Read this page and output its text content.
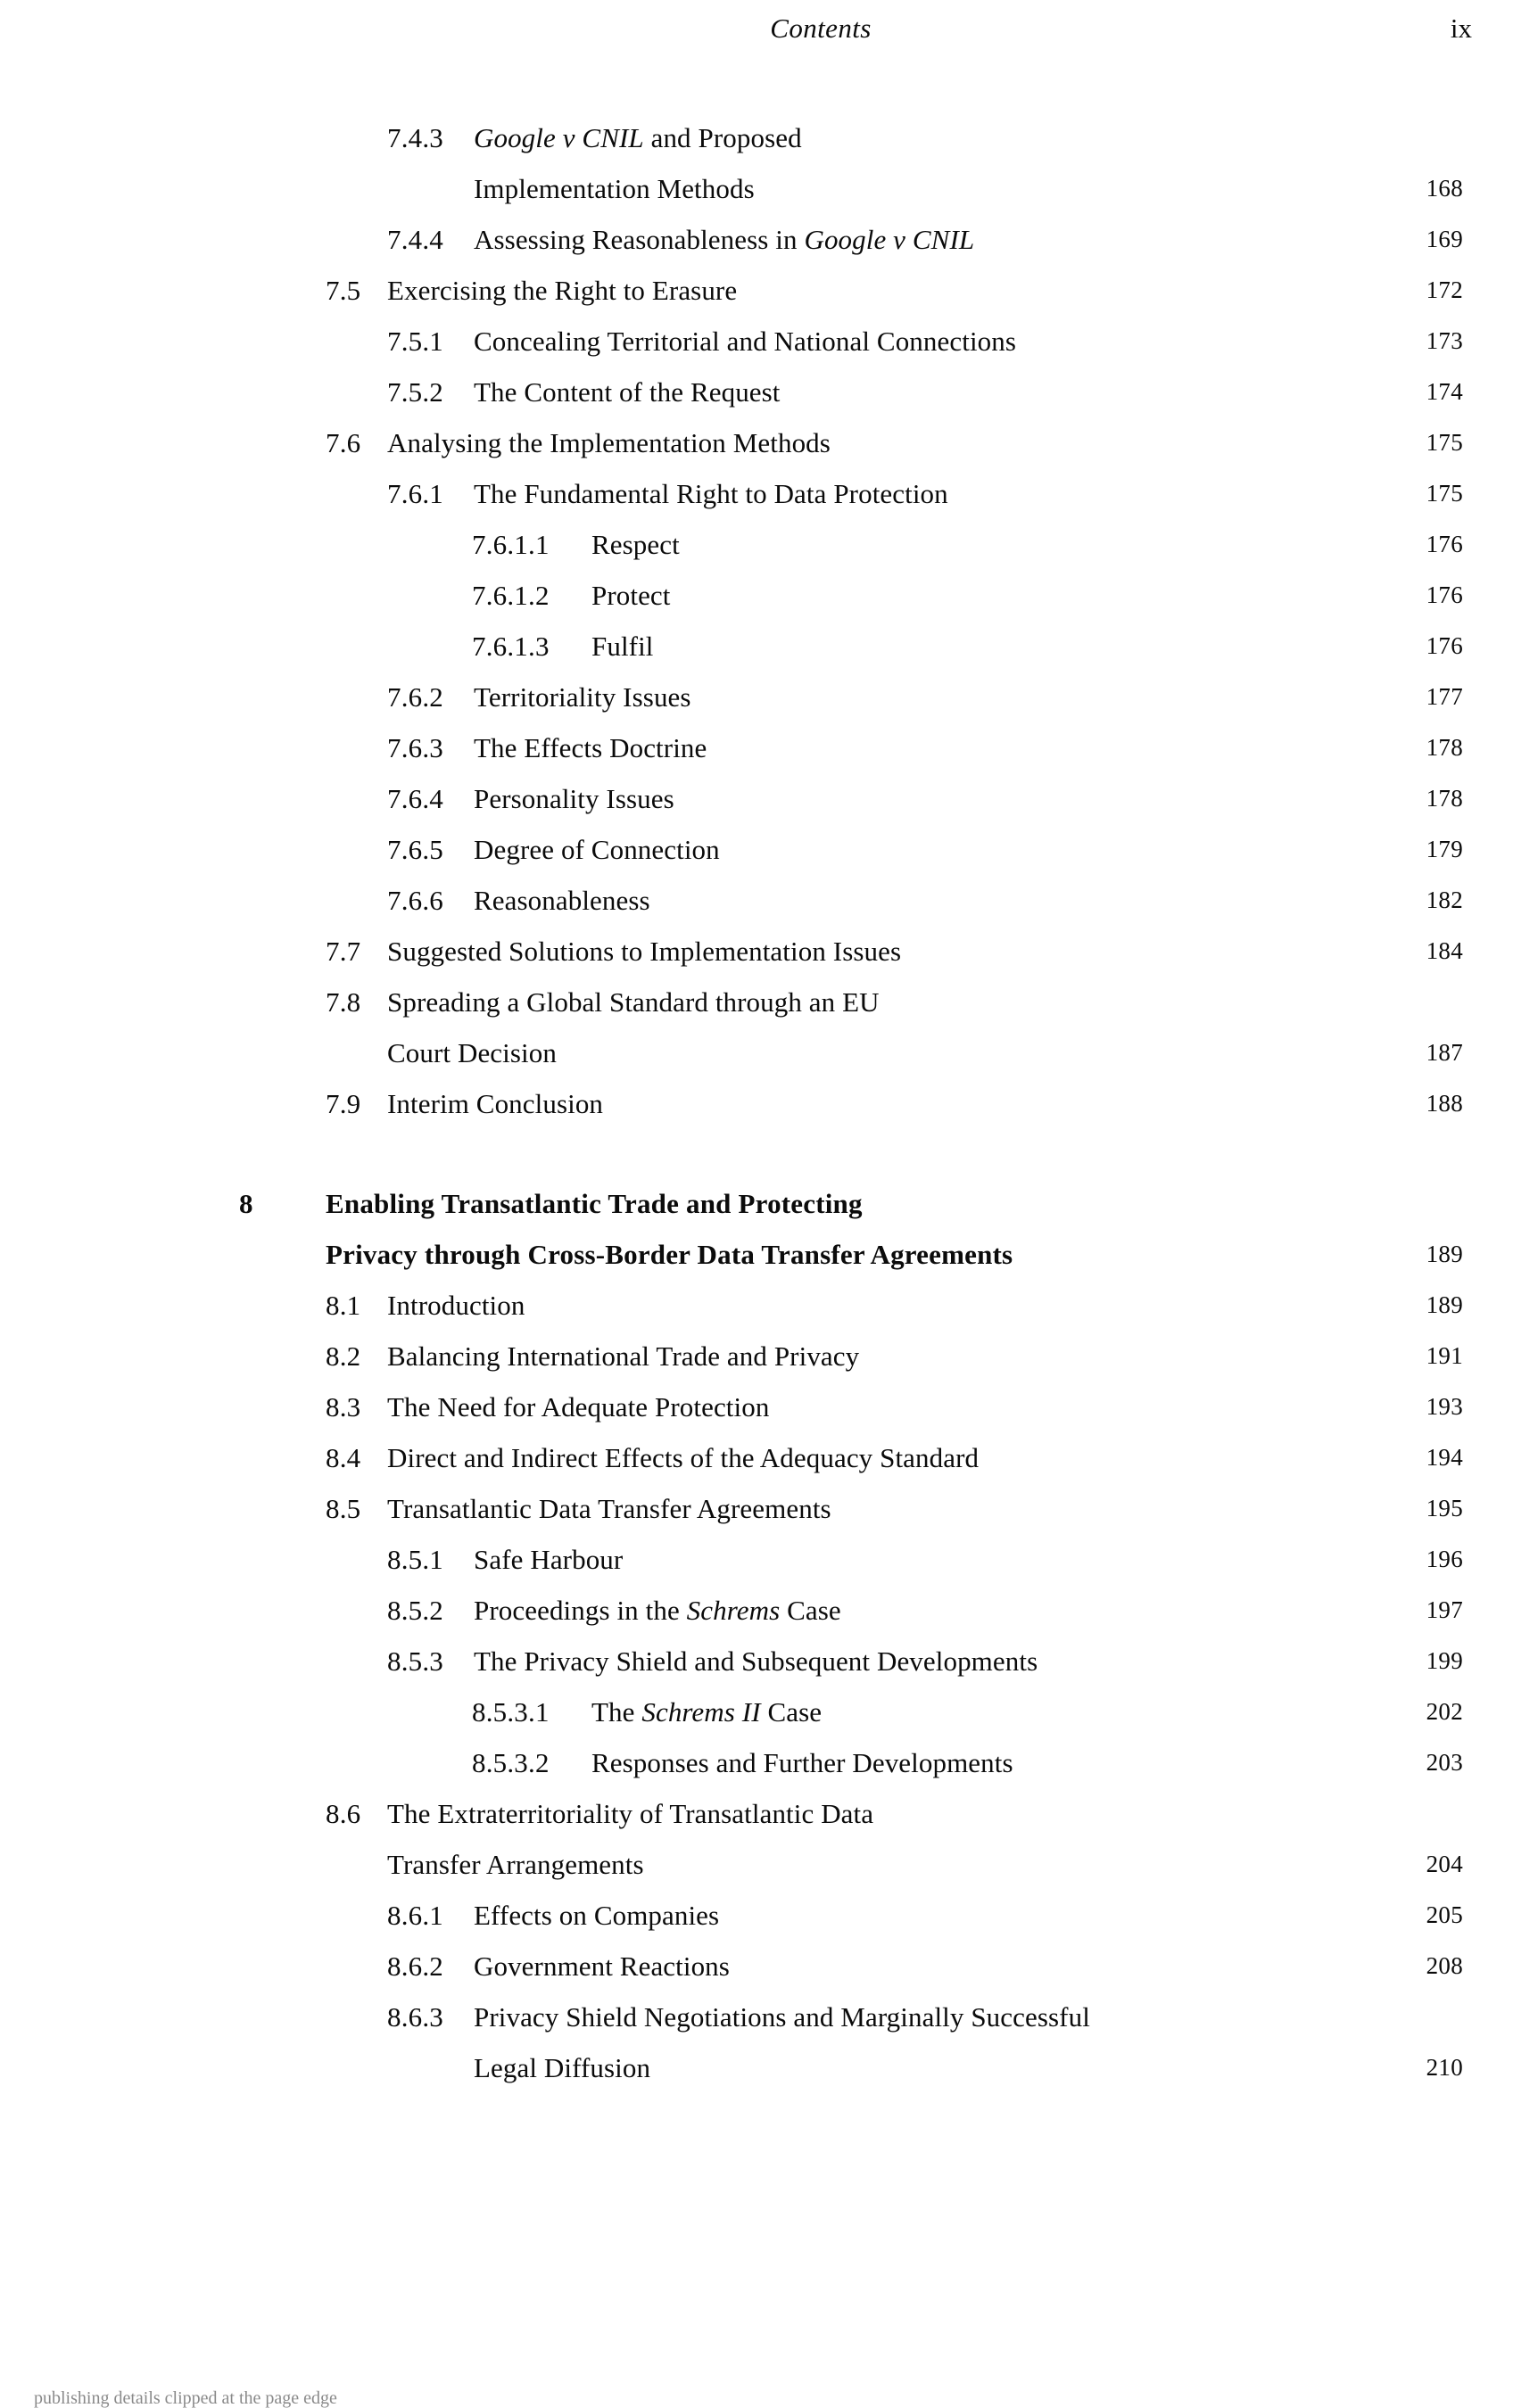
Contents	ix
7.4.3 Google v CNIL and Proposed
Implementation Methods	168
7.4.4 Assessing Reasonableness in Google v CNIL	169
7.5 Exercising the Right to Erasure	172
7.5.1 Concealing Territorial and National Connections	173
7.5.2 The Content of the Request	174
7.6 Analysing the Implementation Methods	175
7.6.1 The Fundamental Right to Data Protection	175
7.6.1.1 Respect	176
7.6.1.2 Protect	176
7.6.1.3 Fulfil	176
7.6.2 Territoriality Issues	177
7.6.3 The Effects Doctrine	178
7.6.4 Personality Issues	178
7.6.5 Degree of Connection	179
7.6.6 Reasonableness	182
7.7 Suggested Solutions to Implementation Issues	184
7.8 Spreading a Global Standard through an EU
Court Decision	187
7.9 Interim Conclusion	188
8	Enabling Transatlantic Trade and Protecting
Privacy through Cross-Border Data Transfer Agreements	189
8.1 Introduction	189
8.2 Balancing International Trade and Privacy	191
8.3 The Need for Adequate Protection	193
8.4 Direct and Indirect Effects of the Adequacy Standard	194
8.5 Transatlantic Data Transfer Agreements	195
8.5.1 Safe Harbour	196
8.5.2 Proceedings in the Schrems Case	197
8.5.3 The Privacy Shield and Subsequent Developments	199
8.5.3.1 The Schrems II Case	202
8.5.3.2 Responses and Further Developments	203
8.6 The Extraterritoriality of Transatlantic Data
Transfer Arrangements	204
8.6.1 Effects on Companies	205
8.6.2 Government Reactions	208
8.6.3 Privacy Shield Negotiations and Marginally Successful
Legal Diffusion	210
publishing details clipped at the page edge
